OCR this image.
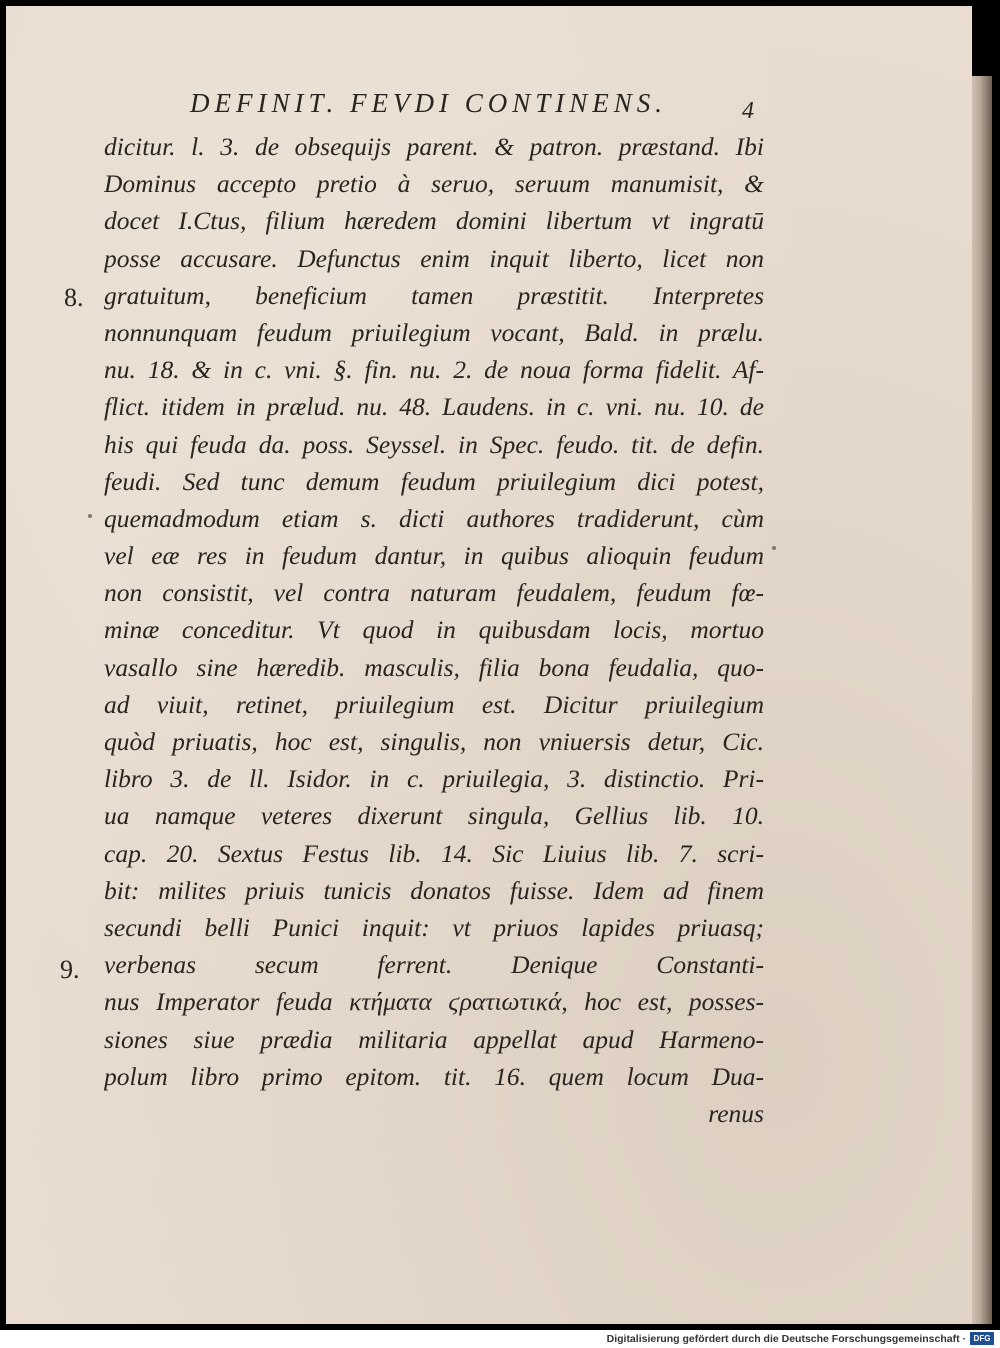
DEFINIT. FEVDI CONTINENS.	4
8.
9.
dicitur. l. 3. de obsequijs parent. & patron. præstand. Ibi
Dominus accepto pretio à seruo, seruum manumisit, &
docet I.Ctus, filium hæredem domini libertum vt ingratū
posse accusare. Defunctus enim inquit liberto, licet non
gratuitum, beneficium tamen præstitit. Interpretes
nonnunquam feudum priuilegium vocant, Bald. in prælu.
nu. 18. & in c. vni. §. fin. nu. 2. de noua forma fidelit. Af-
flict. itidem in prælud. nu. 48. Laudens. in c. vni. nu. 10. de
his qui feuda da. poss. Seyssel. in Spec. feudo. tit. de defin.
feudi. Sed tunc demum feudum priuilegium dici potest,
quemadmodum etiam s. dicti authores tradiderunt, cùm
vel eæ res in feudum dantur, in quibus alioquin feudum
non consistit, vel contra naturam feudalem, feudum fœ-
minæ conceditur. Vt quod in quibusdam locis, mortuo
vasallo sine hæredib. masculis, filia bona feudalia, quo-
ad viuit, retinet, priuilegium est. Dicitur priuilegium
quòd priuatis, hoc est, singulis, non vniuersis detur, Cic.
libro 3. de ll. Isidor. in c. priuilegia, 3. distinctio. Pri-
ua namque veteres dixerunt singula, Gellius lib. 10.
cap. 20. Sextus Festus lib. 14. Sic Liuius lib. 7. scri-
bit: milites priuis tunicis donatos fuisse. Idem ad finem
secundi belli Punici inquit: vt priuos lapides priuasq;
verbenas secum ferrent. Denique Constanti-
nus Imperator feuda κτήματα ϛρατιωτικά, hoc est, posses-
siones siue prædia militaria appellat apud Harmeno-
polum libro primo epitom. tit. 16. quem locum Dua-
renus
Digitalisierung gefördert durch die Deutsche Forschungsgemeinschaft · DFG
